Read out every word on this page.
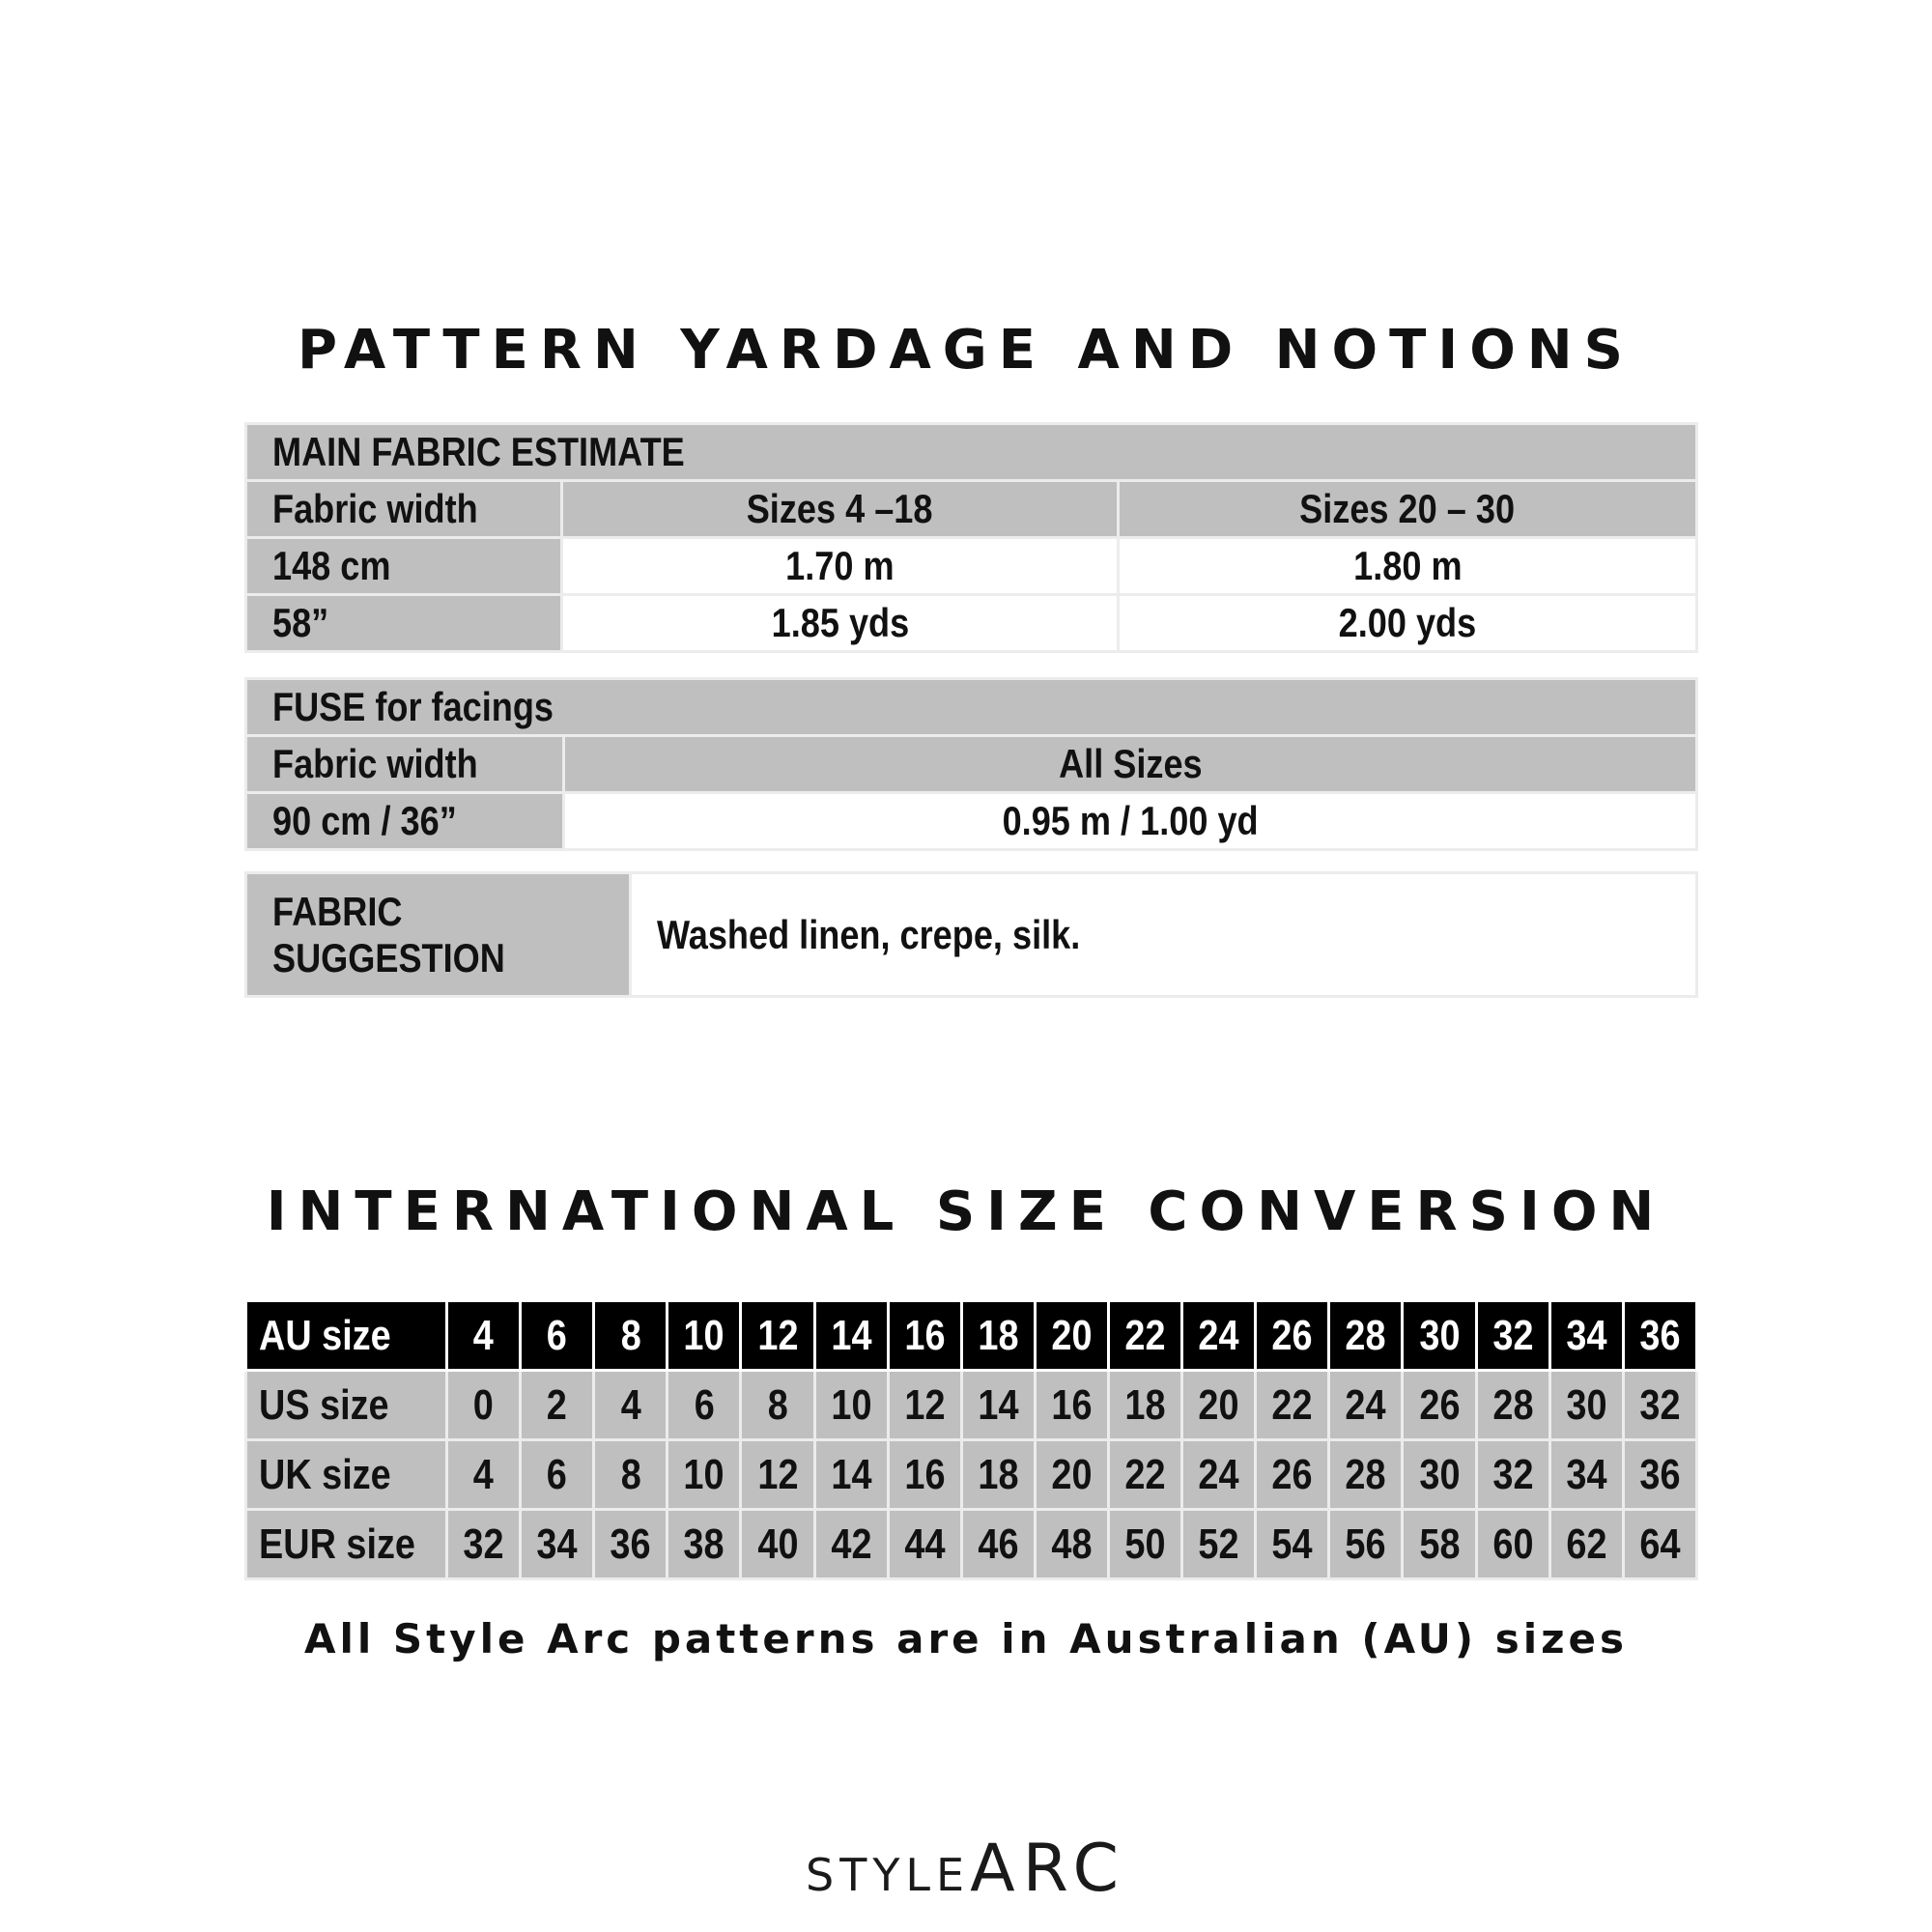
PATTERN YARDAGE AND NOTIONS
MAIN FABRIC ESTIMATE		

Fabric width	Sizes 4 –18	Sizes 20 – 30

148 cm	1.70 m	1.80 m

58”	1.85 yds	2.00 yds
FUSE for facings	

Fabric width	All Sizes

90 cm / 36”	0.95 m / 1.00 yd
FABRIC
SUGGESTION

Washed linen, crepe, silk.
INTERNATIONAL SIZE CONVERSION
AU size	4	6	8	10	12	14	16	18	20	22	24	26	28	30	32	34	36
US size	0	2	4	6	8	10	12	14	16	18	20	22	24	26	28	30	32
UK size	4	6	8	10	12	14	16	18	20	22	24	26	28	30	32	34	36
EUR size	32	34	36	38	40	42	44	46	48	50	52	54	56	58	60	62	64
All Style Arc patterns are in Australian (AU) sizes
STYLEARC
